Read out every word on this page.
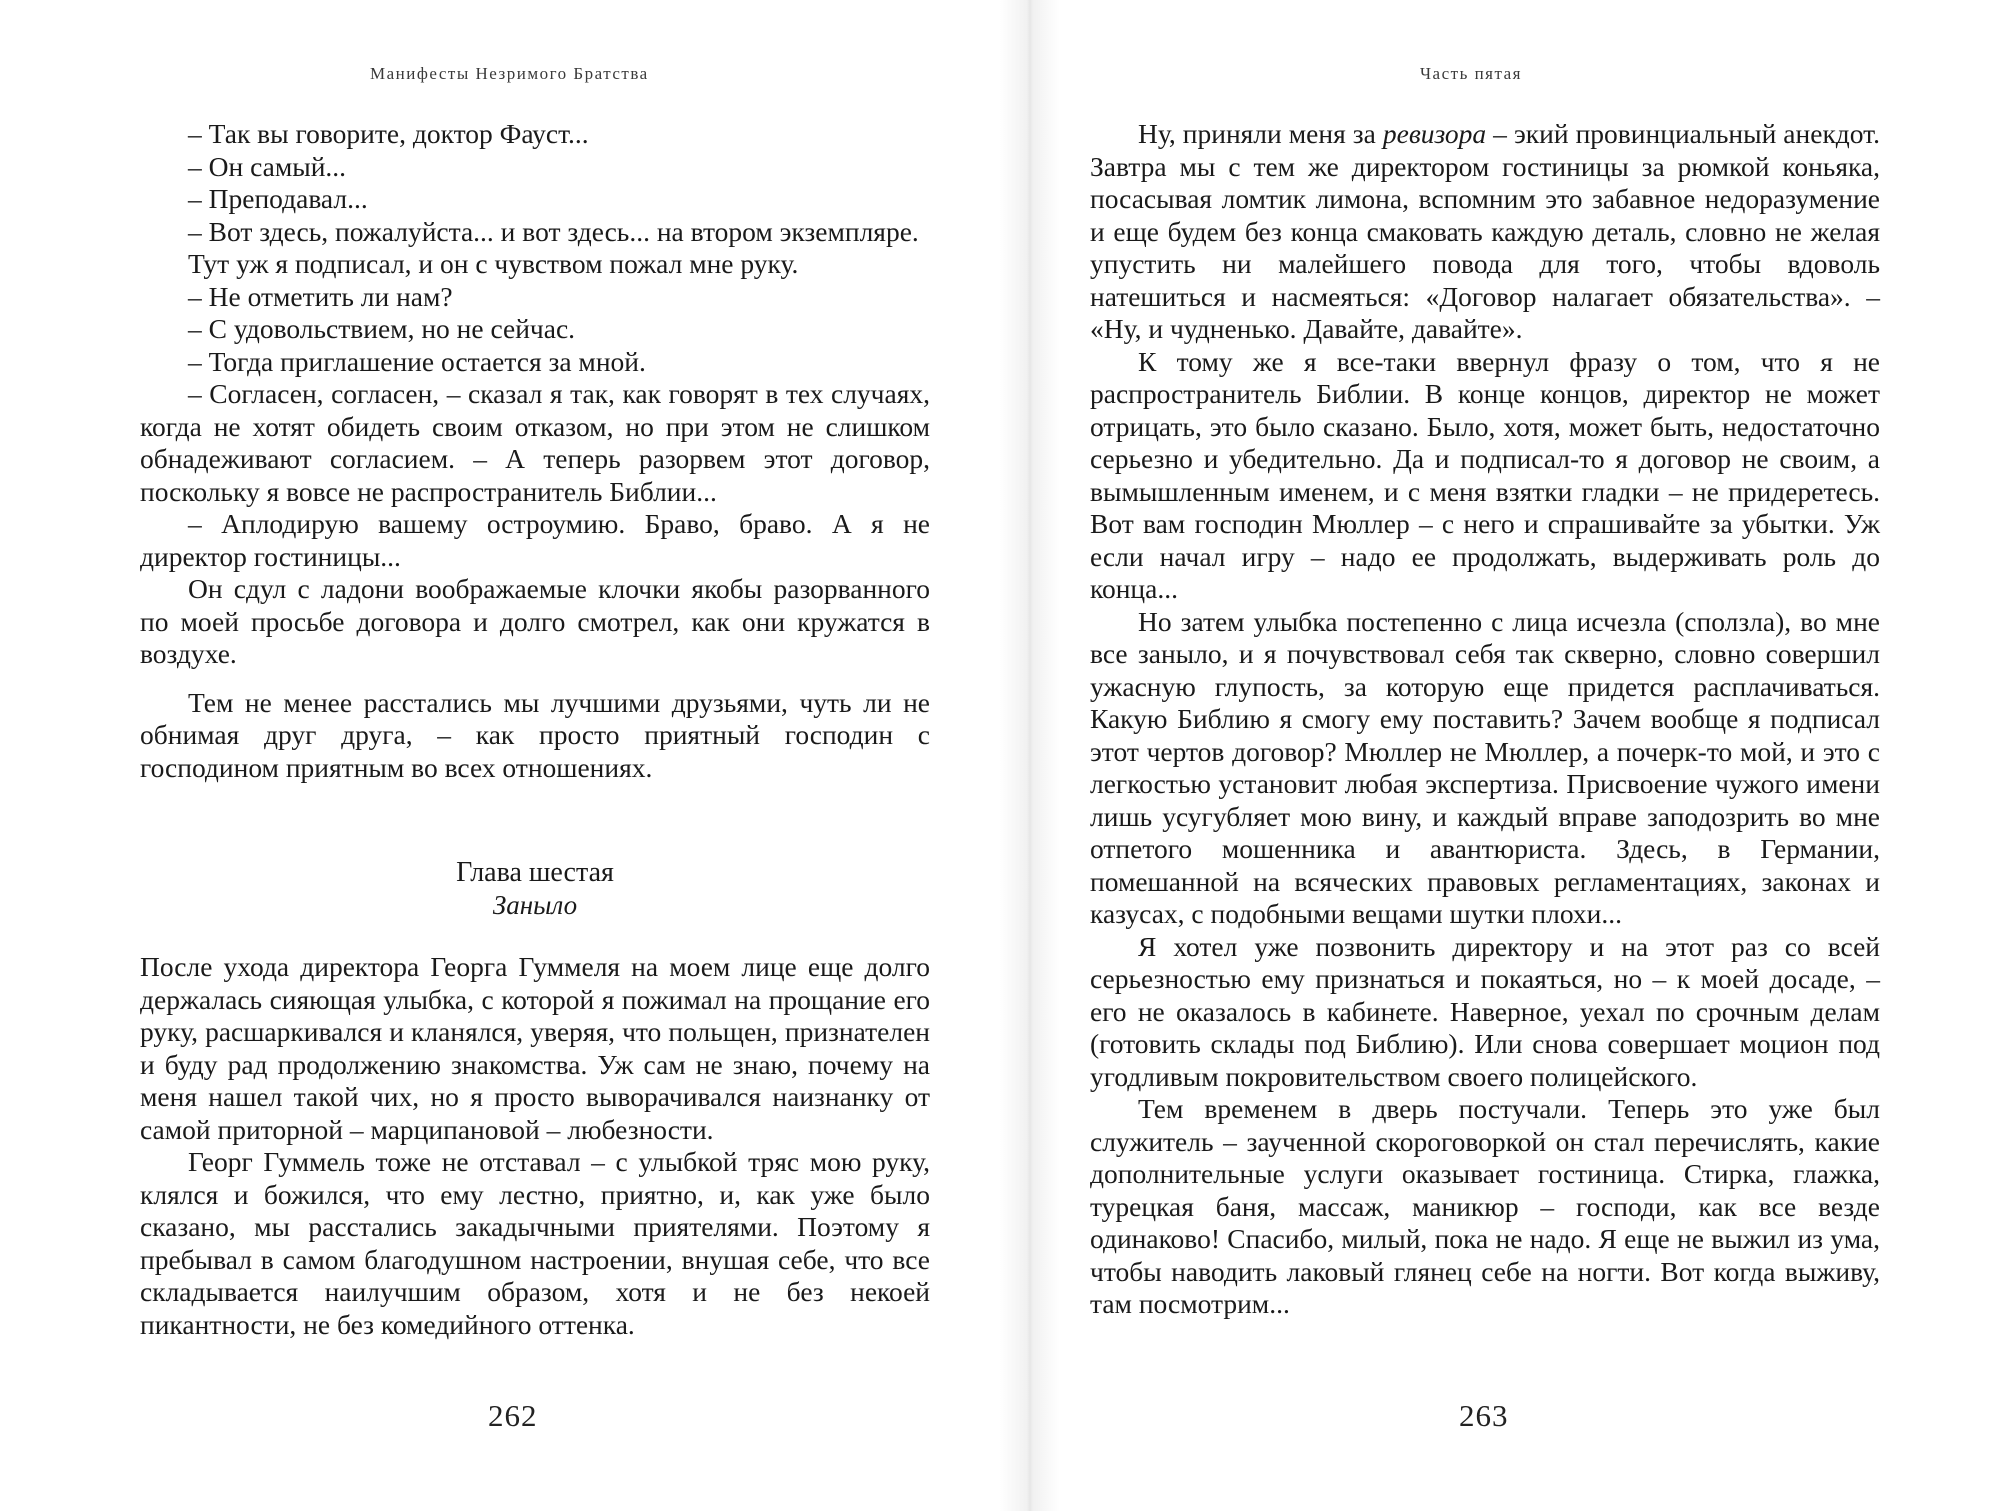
Манифесты Незримого Братства

– Так вы говорите, доктор Фауст...

– Он самый...

– Преподавал...

– Вот здесь, пожалуйста... и вот здесь... на втором экземпляре.

Тут уж я подписал, и он с чувством пожал мне руку.

– Не отметить ли нам?

– С удовольствием, но не сейчас.

– Тогда приглашение остается за мной.

– Согласен, согласен, – сказал я так, как говорят в тех случаях, когда не хотят обидеть своим отказом, но при этом не слишком обнадеживают согласием. – А теперь разорвем этот договор, поскольку я вовсе не распространитель Библии...

– Аплодирую вашему остроумию. Браво, браво. А я не директор гостиницы...

Он сдул с ладони воображаемые клочки якобы разорванного по моей просьбе договора и долго смотрел, как они кружатся в воздухе.

Тем не менее расстались мы лучшими друзьями, чуть ли не обнимая друг друга, – как просто приятный господин с господином приятным во всех отношениях.

Глава шестая
Заныло

После ухода директора Георга Гуммеля на моем лице еще долго держалась сияющая улыбка, с которой я пожимал на прощание его руку, расшаркивался и кланялся, уверяя, что польщен, признателен и буду рад продолжению знакомства. Уж сам не знаю, почему на меня нашел такой чих, но я просто выворачивался наизнанку от самой приторной – марципановой – любезности.

Георг Гуммель тоже не отставал – с улыбкой тряс мою руку, клялся и божился, что ему лестно, приятно, и, как уже было сказано, мы расстались закадычными приятелями. Поэтому я пребывал в самом благодушном настроении, внушая себе, что все складывается наилучшим образом, хотя и не без некоей пикантности, не без комедийного оттенка.

262
Часть пятая

Ну, приняли меня за ревизора – экий провинциальный анекдот. Завтра мы с тем же директором гостиницы за рюмкой коньяка, посасывая ломтик лимона, вспомним это забавное недоразумение и еще будем без конца смаковать каждую деталь, словно не желая упустить ни малейшего повода для того, чтобы вдоволь натешиться и насмеяться: «Договор налагает обязательства». – «Ну, и чудненько. Давайте, давайте».

К тому же я все-таки ввернул фразу о том, что я не распространитель Библии. В конце концов, директор не может отрицать, это было сказано. Было, хотя, может быть, недостаточно серьезно и убедительно. Да и подписал-то я договор не своим, а вымышленным именем, и с меня взятки гладки – не придеретесь. Вот вам господин Мюллер – с него и спрашивайте за убытки. Уж если начал игру – надо ее продолжать, выдерживать роль до конца...

Но затем улыбка постепенно с лица исчезла (сползла), во мне все заныло, и я почувствовал себя так скверно, словно совершил ужасную глупость, за которую еще придется расплачиваться. Какую Библию я смогу ему поставить? Зачем вообще я подписал этот чертов договор? Мюллер не Мюллер, а почерк-то мой, и это с легкостью установит любая экспертиза. Присвоение чужого имени лишь усугубляет мою вину, и каждый вправе заподозрить во мне отпетого мошенника и авантюриста. Здесь, в Германии, помешанной на всяческих правовых регламентациях, законах и казусах, с подобными вещами шутки плохи...

Я хотел уже позвонить директору и на этот раз со всей серьезностью ему признаться и покаяться, но – к моей досаде, – его не оказалось в кабинете. Наверное, уехал по срочным делам (готовить склады под Библию). Или снова совершает моцион под угодливым покровительством своего полицейского.

Тем временем в дверь постучали. Теперь это уже был служитель – заученной скороговоркой он стал перечислять, какие дополнительные услуги оказывает гостиница. Стирка, глажка, турецкая баня, массаж, маникюр – господи, как все везде одинаково! Спасибо, милый, пока не надо. Я еще не выжил из ума, чтобы наводить лаковый глянец себе на ногти. Вот когда выживу, там посмотрим...

263
